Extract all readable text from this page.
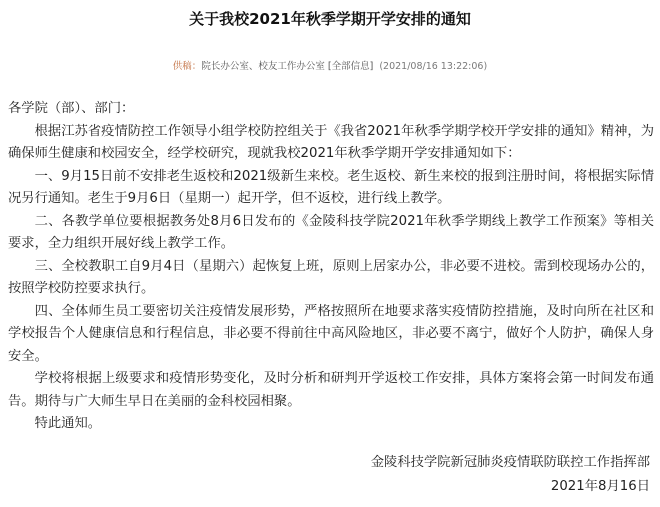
关于我校2021年秋季学期开学安排的通知
供稿：院长办公室、校友工作办公室 [全部信息] (2021/08/16 13:22:06)

各学院（部）、部门：

根据江苏省疫情防控工作领导小组学校防控组关于《我省2021年秋季学期学校开学安排的通知》精神，为确保师生健康和校园安全，经学校研究，现就我校2021年秋季学期开学安排通知如下：

一、9月15日前不安排老生返校和2021级新生来校。老生返校、新生来校的报到注册时间，将根据实际情况另行通知。老生于9月6日（星期一）起开学，但不返校，进行线上教学。

二、各教学单位要根据教务处8月6日发布的《金陵科技学院2021年秋季学期线上教学工作预案》等相关要求，全力组织开展好线上教学工作。

三、全校教职工自9月4日（星期六）起恢复上班，原则上居家办公，非必要不进校。需到校现场办公的，按照学校防控要求执行。

四、全体师生员工要密切关注疫情发展形势，严格按照所在地要求落实疫情防控措施，及时向所在社区和学校报告个人健康信息和行程信息，非必要不得前往中高风险地区，非必要不离宁，做好个人防护，确保人身安全。

学校将根据上级要求和疫情形势变化，及时分析和研判开学返校工作安排，具体方案将会第一时间发布通告。期待与广大师生早日在美丽的金科校园相聚。

特此通知。

金陵科技学院新冠肺炎疫情联防联控工作指挥部
2021年8月16日
